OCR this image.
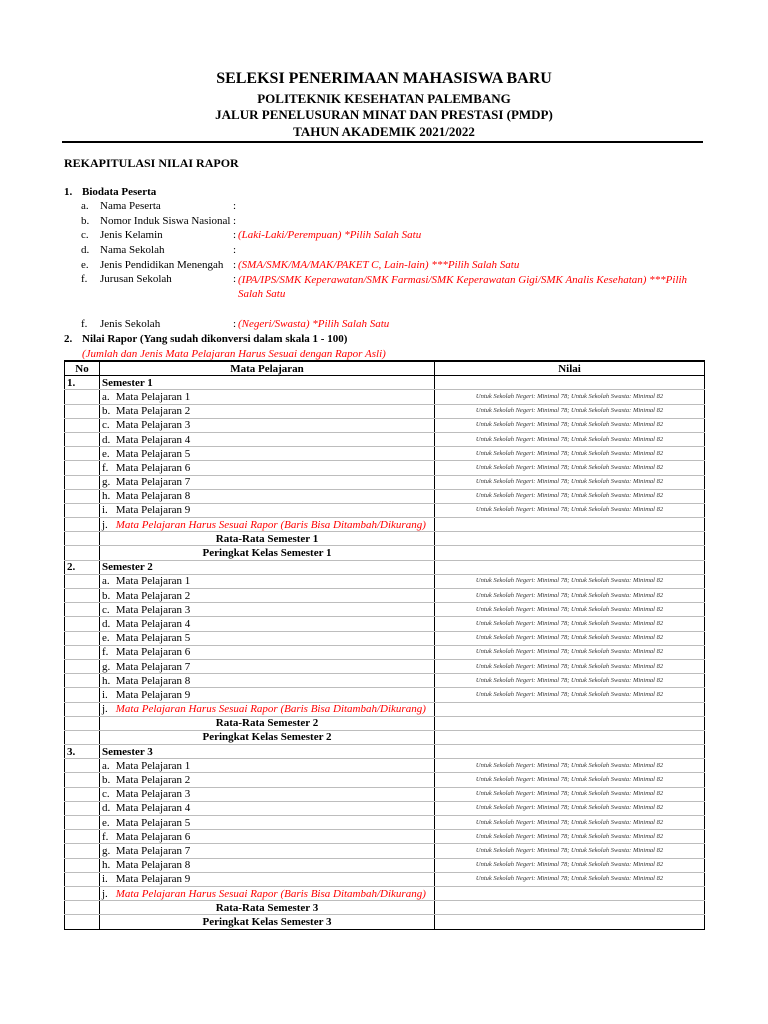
SELEKSI PENERIMAAN MAHASISWA BARU
POLITEKNIK KESEHATAN PALEMBANG
JALUR PENELUSURAN MINAT DAN PRESTASI (PMDP)
TAHUN AKADEMIK 2021/2022
REKAPITULASI NILAI RAPOR
1. Biodata Peserta
a. Nama Peserta	:
b. Nomor Induk Siswa Nasional :
c. Jenis Kelamin	: (Laki-Laki/Perempuan) *Pilih Salah Satu
d. Nama Sekolah	:
e. Jenis Pendidikan Menengah : (SMA/SMK/MA/MAK/PAKET C, Lain-lain) ***Pilih Salah Satu
f. Jurusan Sekolah	: (IPA/IPS/SMK Keperawatan/SMK Farmasi/SMK Keperawatan Gigi/SMK Analis Kesehatan) ***Pilih Salah Satu
f. Jenis Sekolah	: (Negeri/Swasta) *Pilih Salah Satu
2. Nilai Rapor (Yang sudah dikonversi dalam skala 1 - 100)
(Jumlah dan Jenis Mata Pelajaran Harus Sesuai dengan Rapor Asli)
No	Mata Pelajaran	Nilai
1.	Semester 1	
	a. Mata Pelajaran 1	Untuk Sekolah Negeri: Minimal 78; Untuk Sekolah Swasta: Minimal 82
	b. Mata Pelajaran 2	Untuk Sekolah Negeri: Minimal 78; Untuk Sekolah Swasta: Minimal 82
	c. Mata Pelajaran 3	Untuk Sekolah Negeri: Minimal 78; Untuk Sekolah Swasta: Minimal 82
	d. Mata Pelajaran 4	Untuk Sekolah Negeri: Minimal 78; Untuk Sekolah Swasta: Minimal 82
	e. Mata Pelajaran 5	Untuk Sekolah Negeri: Minimal 78; Untuk Sekolah Swasta: Minimal 82
	f. Mata Pelajaran 6	Untuk Sekolah Negeri: Minimal 78; Untuk Sekolah Swasta: Minimal 82
	g. Mata Pelajaran 7	Untuk Sekolah Negeri: Minimal 78; Untuk Sekolah Swasta: Minimal 82
	h. Mata Pelajaran 8	Untuk Sekolah Negeri: Minimal 78; Untuk Sekolah Swasta: Minimal 82
	i. Mata Pelajaran 9	Untuk Sekolah Negeri: Minimal 78; Untuk Sekolah Swasta: Minimal 82
	j. Mata Pelajaran Harus Sesuai Rapor (Baris Bisa Ditambah/Dikurang)	
	Rata-Rata Semester 1	
	Peringkat Kelas Semester 1	
2.	Semester 2	
	a. Mata Pelajaran 1	Untuk Sekolah Negeri: Minimal 78; Untuk Sekolah Swasta: Minimal 82
	b. Mata Pelajaran 2	Untuk Sekolah Negeri: Minimal 78; Untuk Sekolah Swasta: Minimal 82
	c. Mata Pelajaran 3	Untuk Sekolah Negeri: Minimal 78; Untuk Sekolah Swasta: Minimal 82
	d. Mata Pelajaran 4	Untuk Sekolah Negeri: Minimal 78; Untuk Sekolah Swasta: Minimal 82
	e. Mata Pelajaran 5	Untuk Sekolah Negeri: Minimal 78; Untuk Sekolah Swasta: Minimal 82
	f. Mata Pelajaran 6	Untuk Sekolah Negeri: Minimal 78; Untuk Sekolah Swasta: Minimal 82
	g. Mata Pelajaran 7	Untuk Sekolah Negeri: Minimal 78; Untuk Sekolah Swasta: Minimal 82
	h. Mata Pelajaran 8	Untuk Sekolah Negeri: Minimal 78; Untuk Sekolah Swasta: Minimal 82
	i. Mata Pelajaran 9	Untuk Sekolah Negeri: Minimal 78; Untuk Sekolah Swasta: Minimal 82
	j. Mata Pelajaran Harus Sesuai Rapor (Baris Bisa Ditambah/Dikurang)	
	Rata-Rata Semester 2	
	Peringkat Kelas Semester 2	
3.	Semester 3	
	a. Mata Pelajaran 1	Untuk Sekolah Negeri: Minimal 78; Untuk Sekolah Swasta: Minimal 82
	b. Mata Pelajaran 2	Untuk Sekolah Negeri: Minimal 78; Untuk Sekolah Swasta: Minimal 82
	c. Mata Pelajaran 3	Untuk Sekolah Negeri: Minimal 78; Untuk Sekolah Swasta: Minimal 82
	d. Mata Pelajaran 4	Untuk Sekolah Negeri: Minimal 78; Untuk Sekolah Swasta: Minimal 82
	e. Mata Pelajaran 5	Untuk Sekolah Negeri: Minimal 78; Untuk Sekolah Swasta: Minimal 82
	f. Mata Pelajaran 6	Untuk Sekolah Negeri: Minimal 78; Untuk Sekolah Swasta: Minimal 82
	g. Mata Pelajaran 7	Untuk Sekolah Negeri: Minimal 78; Untuk Sekolah Swasta: Minimal 82
	h. Mata Pelajaran 8	Untuk Sekolah Negeri: Minimal 78; Untuk Sekolah Swasta: Minimal 82
	i. Mata Pelajaran 9	Untuk Sekolah Negeri: Minimal 78; Untuk Sekolah Swasta: Minimal 82
	j. Mata Pelajaran Harus Sesuai Rapor (Baris Bisa Ditambah/Dikurang)	
	Rata-Rata Semester 3	
	Peringkat Kelas Semester 3	
